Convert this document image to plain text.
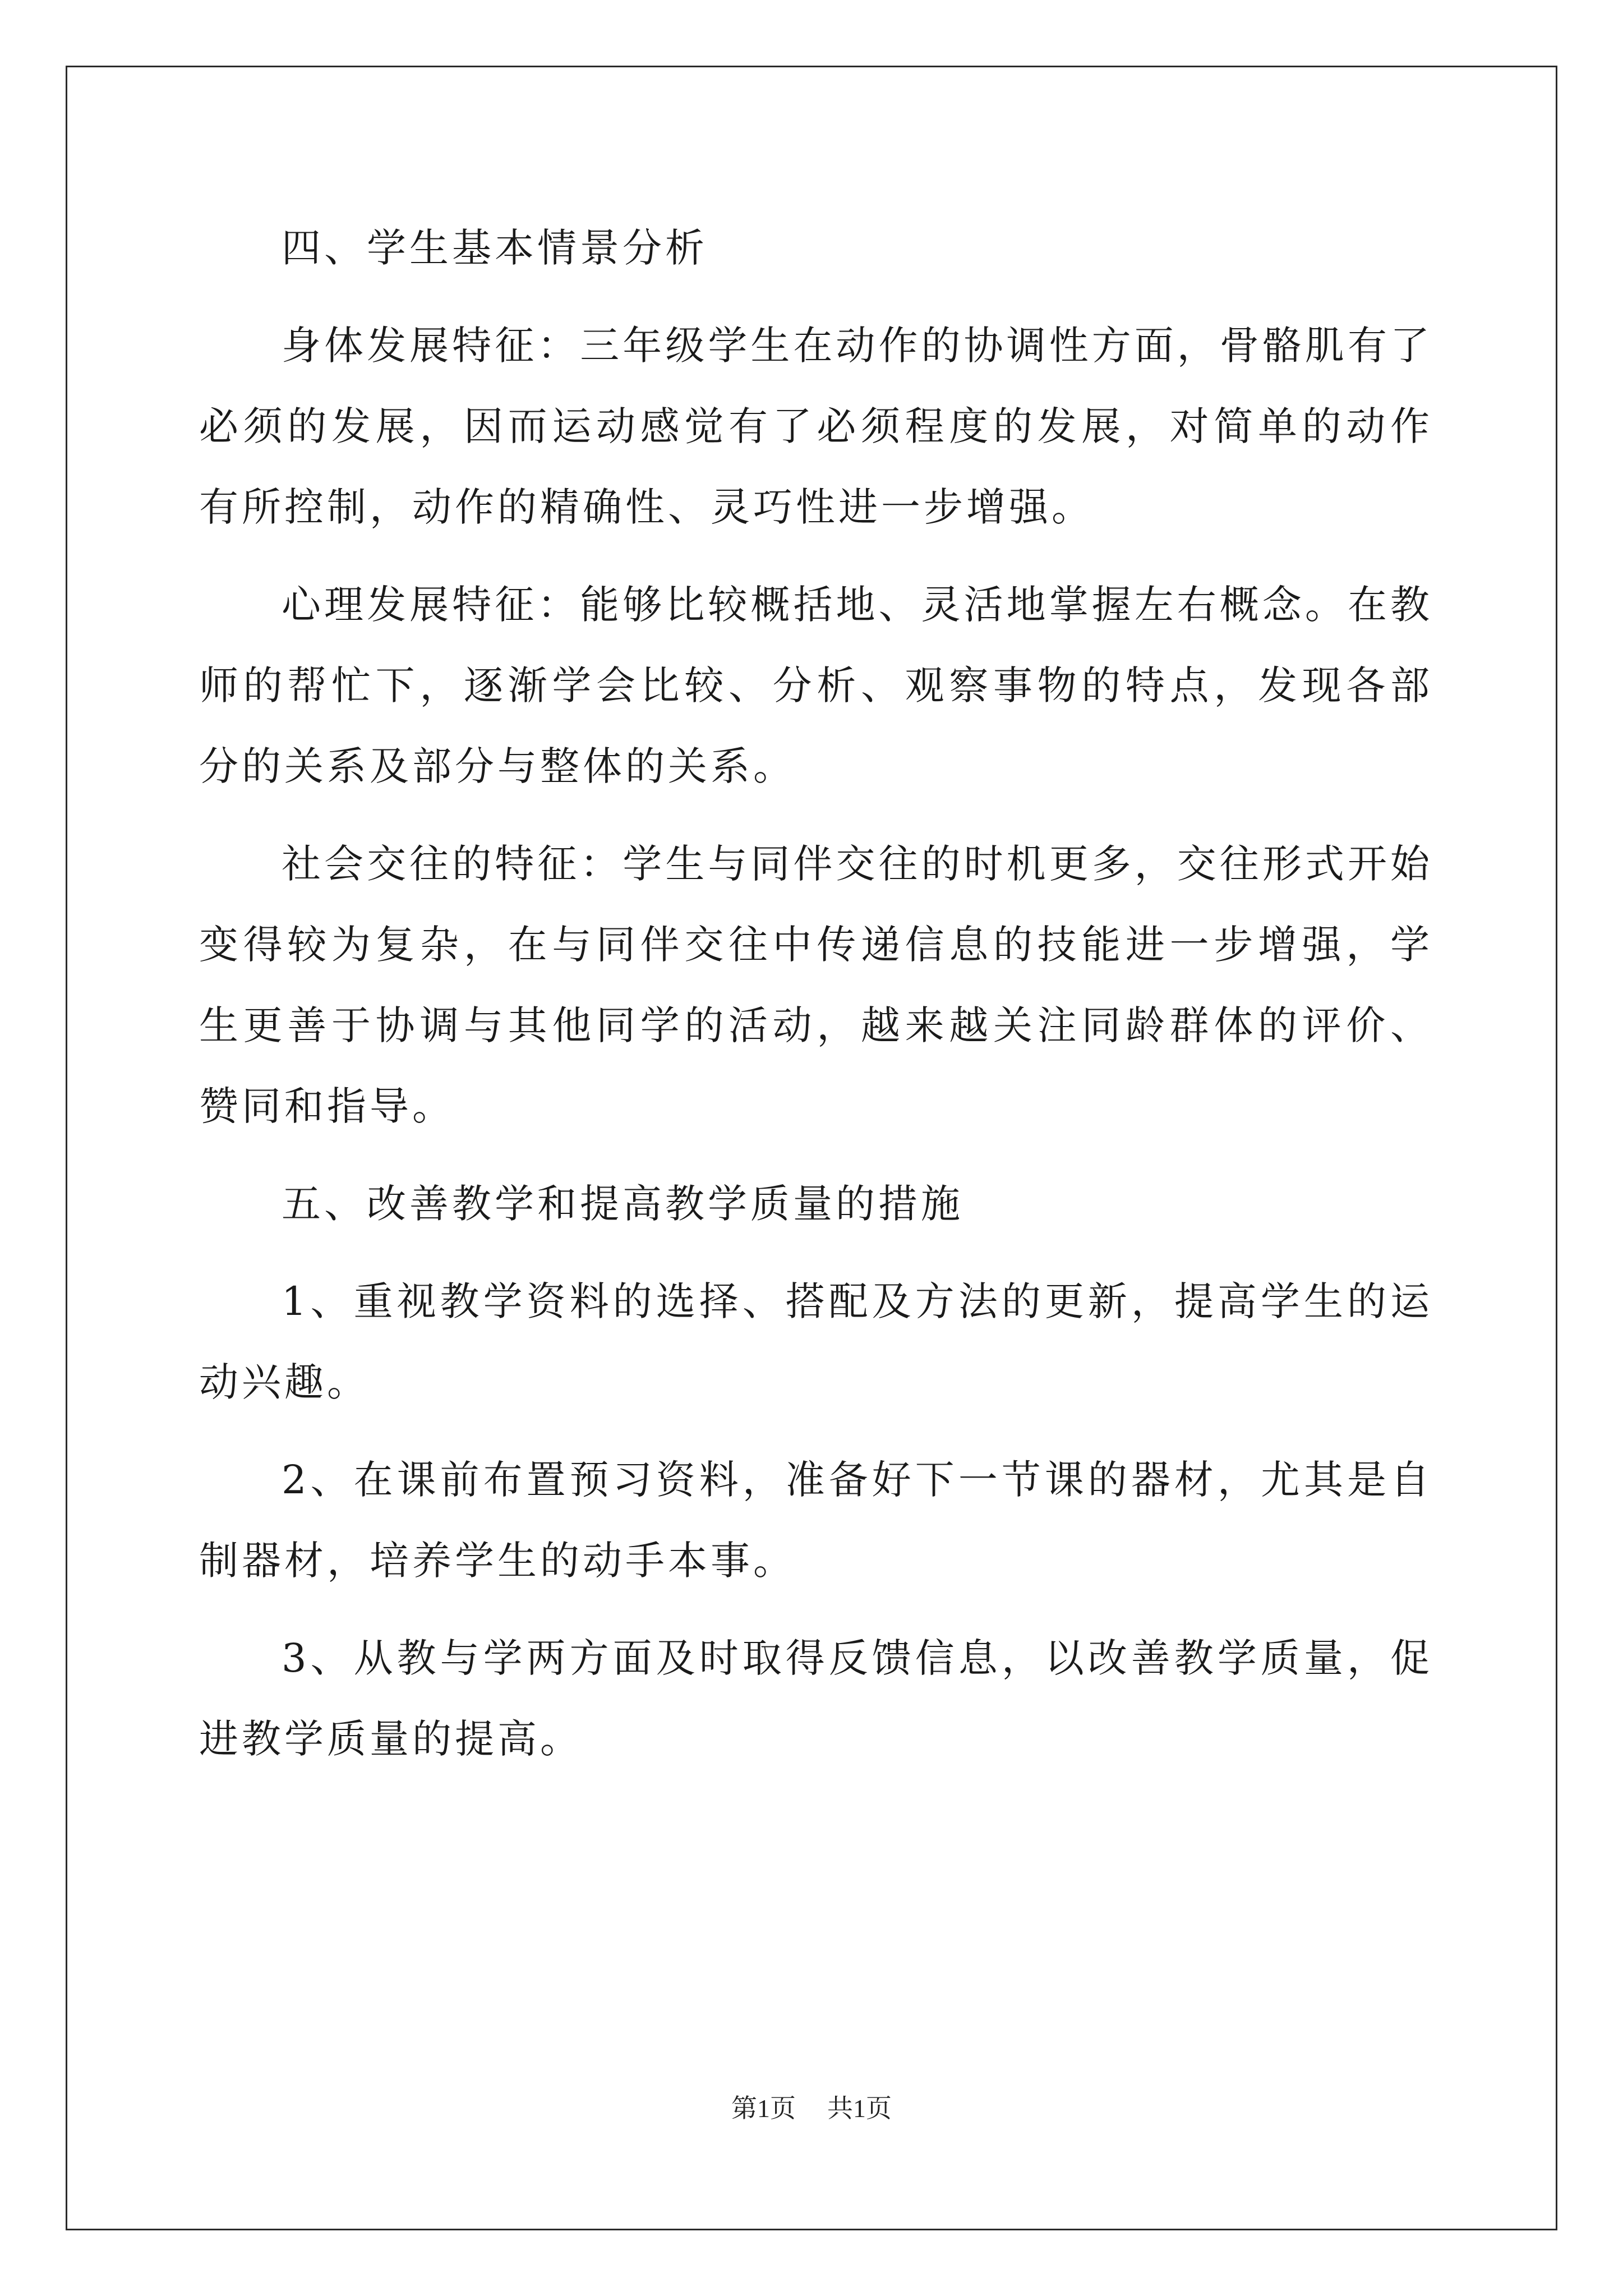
四、学生基本情景分析

身体发展特征：三年级学生在动作的协调性方面，骨骼肌有了必须的发展，因而运动感觉有了必须程度的发展，对简单的动作有所控制，动作的精确性、灵巧性进一步增强。

心理发展特征：能够比较概括地、灵活地掌握左右概念。在教师的帮忙下，逐渐学会比较、分析、观察事物的特点，发现各部分的关系及部分与整体的关系。

社会交往的特征：学生与同伴交往的时机更多，交往形式开始变得较为复杂，在与同伴交往中传递信息的技能进一步增强，学生更善于协调与其他同学的活动，越来越关注同龄群体的评价、赞同和指导。

五、改善教学和提高教学质量的措施

1、重视教学资料的选择、搭配及方法的更新，提高学生的运动兴趣。

2、在课前布置预习资料，准备好下一节课的器材，尤其是自制器材，培养学生的动手本事。

3、从教与学两方面及时取得反馈信息，以改善教学质量，促进教学质量的提高。

第1页 共1页
